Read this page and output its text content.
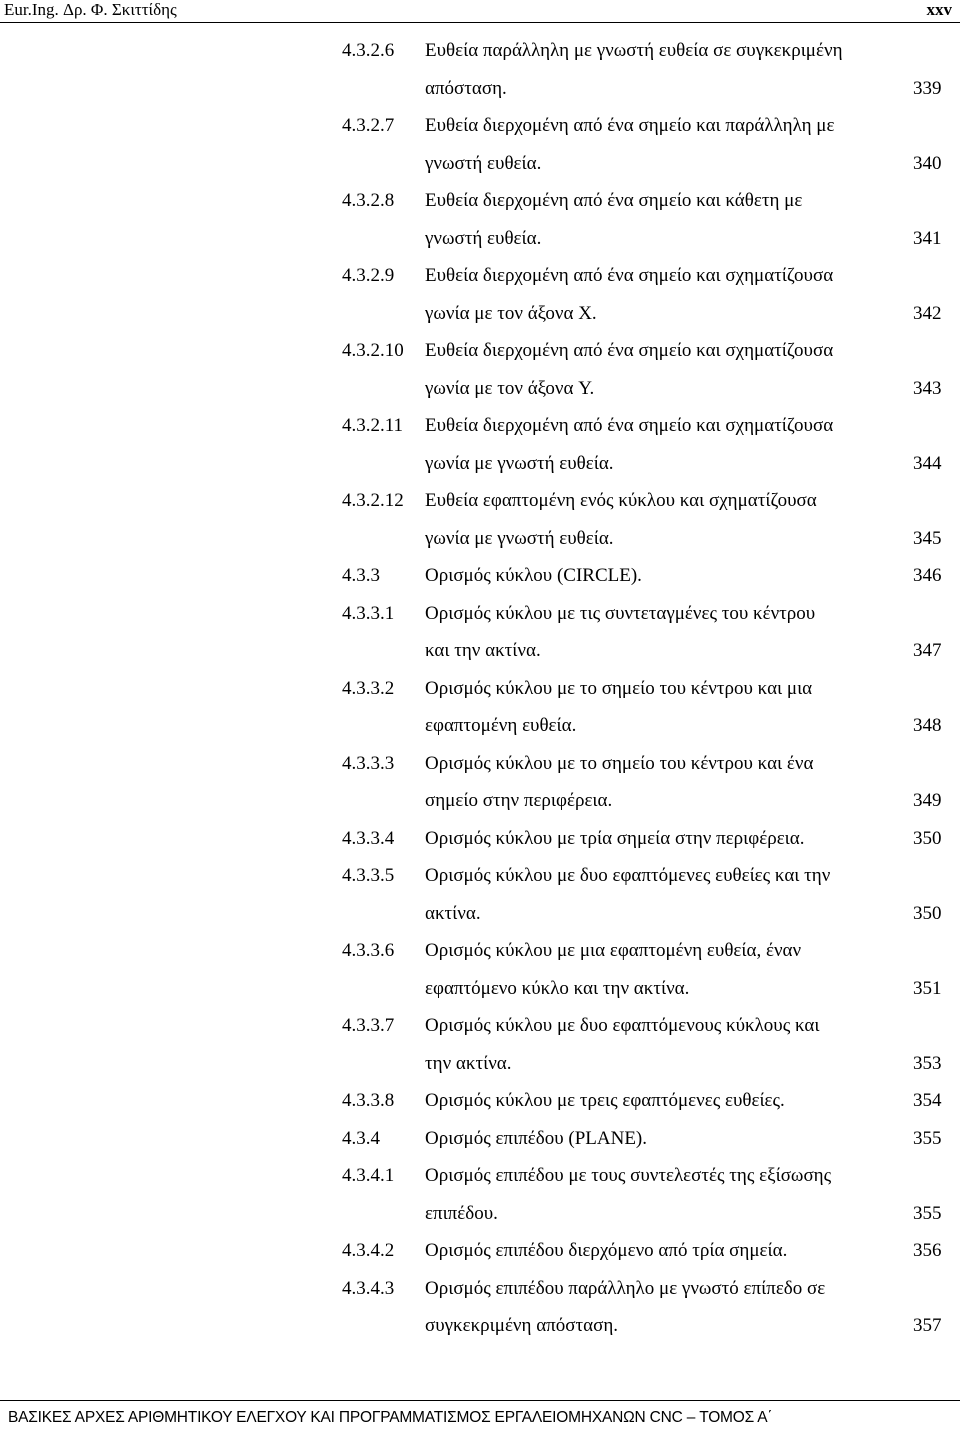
Eur.Ing. Δρ. Φ. Σκιττίδης	xxv
4.3.2.6 Ευθεία παράλληλη με γνωστή ευθεία σε συγκεκριμένη
απόσταση.	339
4.3.2.7 Ευθεία διερχομένη από ένα σημείο και παράλληλη με
γνωστή ευθεία.	340
4.3.2.8 Ευθεία διερχομένη από ένα σημείο και κάθετη με
γνωστή ευθεία.	341
4.3.2.9 Ευθεία διερχομένη από ένα σημείο και σχηματίζουσα
γωνία με τον άξονα X.	342
4.3.2.10 Ευθεία διερχομένη από ένα σημείο και σχηματίζουσα
γωνία με τον άξονα Y.	343
4.3.2.11 Ευθεία διερχομένη από ένα σημείο και σχηματίζουσα
γωνία με γνωστή ευθεία.	344
4.3.2.12 Ευθεία εφαπτομένη ενός κύκλου και σχηματίζουσα
γωνία με γνωστή ευθεία.	345
4.3.3 Ορισμός κύκλου (CIRCLE).	346
4.3.3.1 Ορισμός κύκλου με τις συντεταγμένες του κέντρου
και την ακτίνα.	347
4.3.3.2 Ορισμός κύκλου με το σημείο του κέντρου και μια
εφαπτομένη ευθεία.	348
4.3.3.3 Ορισμός κύκλου με το σημείο του κέντρου και ένα
σημείο στην περιφέρεια.	349
4.3.3.4 Ορισμός κύκλου με τρία σημεία στην περιφέρεια.	350
4.3.3.5 Ορισμός κύκλου με δυο εφαπτόμενες ευθείες και την
ακτίνα.	350
4.3.3.6 Ορισμός κύκλου με μια εφαπτομένη ευθεία, έναν
εφαπτόμενο κύκλο και την ακτίνα.	351
4.3.3.7 Ορισμός κύκλου με δυο εφαπτόμενους κύκλους και
την ακτίνα.	353
4.3.3.8 Ορισμός κύκλου με τρεις εφαπτόμενες ευθείες.	354
4.3.4 Ορισμός επιπέδου (PLANE).	355
4.3.4.1 Ορισμός επιπέδου με τους συντελεστές της εξίσωσης
επιπέδου.	355
4.3.4.2 Ορισμός επιπέδου διερχόμενο από τρία σημεία.	356
4.3.4.3 Ορισμός επιπέδου παράλληλο με γνωστό επίπεδο σε
συγκεκριμένη απόσταση.	357
ΒΑΣΙΚΕΣ ΑΡΧΕΣ ΑΡΙΘΜΗΤΙΚΟΥ ΕΛΕΓΧΟΥ ΚΑΙ ΠΡΟΓΡΑΜΜΑΤΙΣΜΟΣ ΕΡΓΑΛΕΙΟΜΗΧΑΝΩΝ CNC – ΤΟΜΟΣ Α΄
